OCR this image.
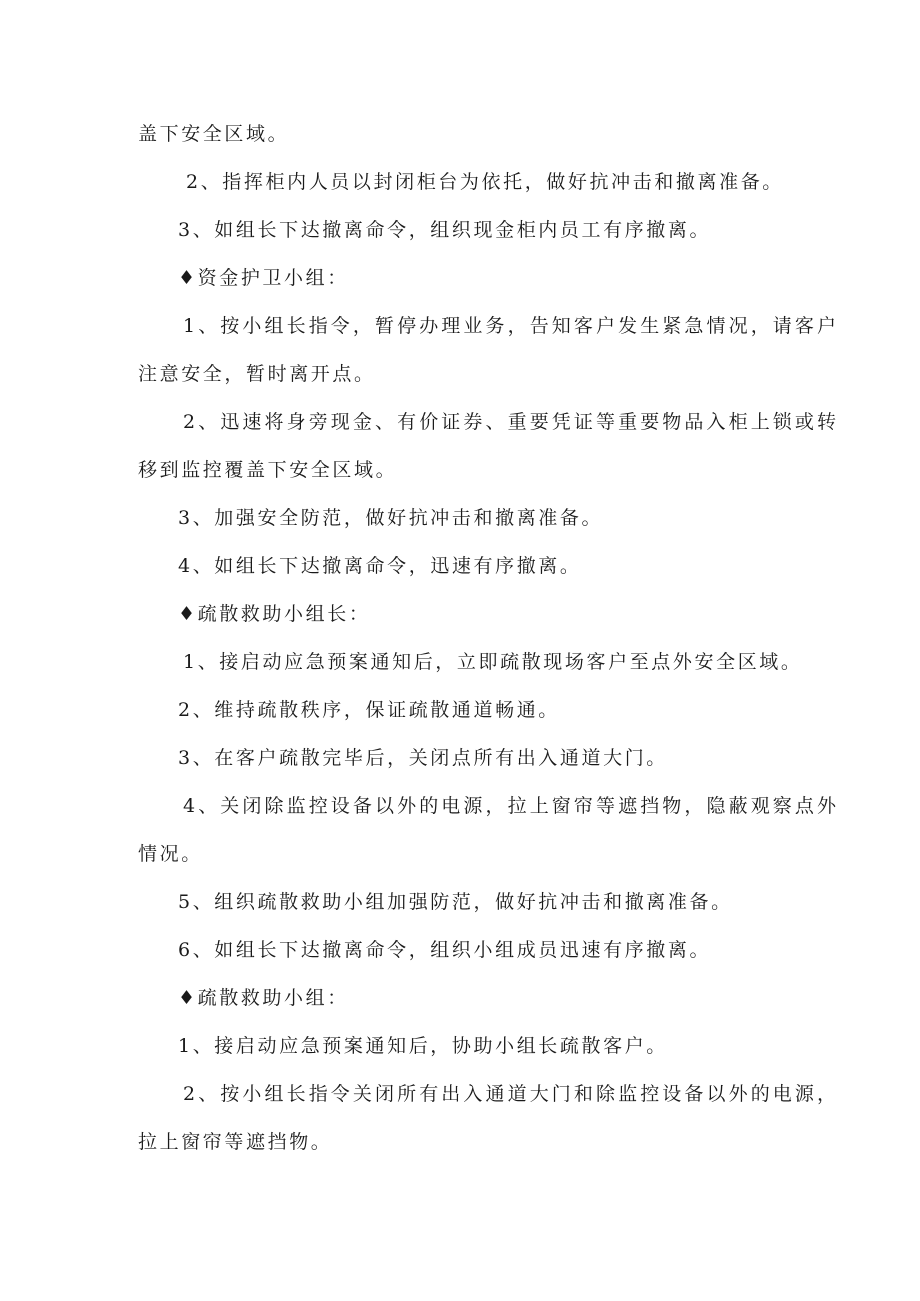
盖下安全区域。
2、指挥柜内人员以封闭柜台为依托，做好抗冲击和撤离准备。
3、如组长下达撤离命令，组织现金柜内员工有序撤离。
♦资金护卫小组：
1、按小组长指令，暂停办理业务，告知客户发生紧急情况，请客户
注意安全，暂时离开点。
2、迅速将身旁现金、有价证券、重要凭证等重要物品入柜上锁或转
移到监控覆盖下安全区域。
3、加强安全防范，做好抗冲击和撤离准备。
4、如组长下达撤离命令，迅速有序撤离。
♦疏散救助小组长：
1、接启动应急预案通知后，立即疏散现场客户至点外安全区域。
2、维持疏散秩序，保证疏散通道畅通。
3、在客户疏散完毕后，关闭点所有出入通道大门。
4、关闭除监控设备以外的电源，拉上窗帘等遮挡物，隐蔽观察点外
情况。
5、组织疏散救助小组加强防范，做好抗冲击和撤离准备。
6、如组长下达撤离命令，组织小组成员迅速有序撤离。
♦疏散救助小组：
1、接启动应急预案通知后，协助小组长疏散客户。
2、按小组长指令关闭所有出入通道大门和除监控设备以外的电源，
拉上窗帘等遮挡物。
